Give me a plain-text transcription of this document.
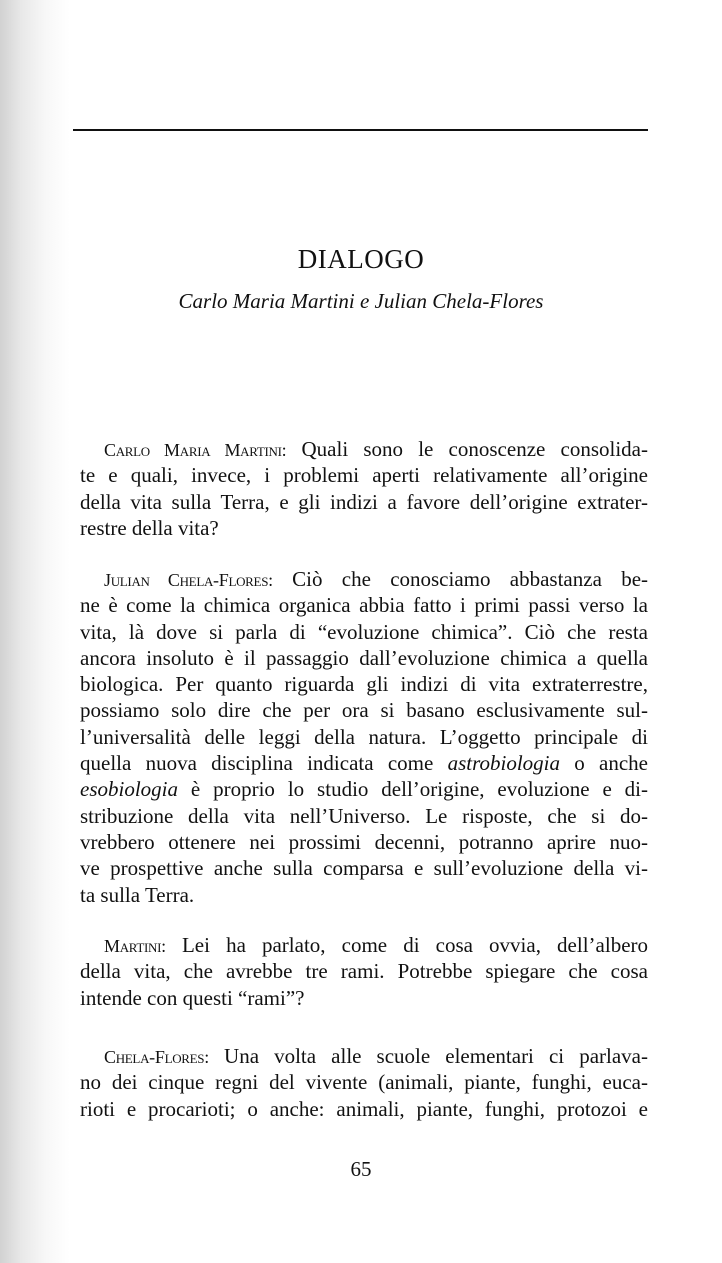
DIALOGO
Carlo Maria Martini e Julian Chela-Flores
Carlo Maria Martini: Quali sono le conoscenze consolida-
te e quali, invece, i problemi aperti relativamente all’origine
della vita sulla Terra, e gli indizi a favore dell’origine extrater-
restre della vita?
Julian Chela-Flores: Ciò che conosciamo abbastanza be-
ne è come la chimica organica abbia fatto i primi passi verso la
vita, là dove si parla di “evoluzione chimica”. Ciò che resta
ancora insoluto è il passaggio dall’evoluzione chimica a quella
biologica. Per quanto riguarda gli indizi di vita extraterrestre,
possiamo solo dire che per ora si basano esclusivamente sul-
l’universalità delle leggi della natura. L’oggetto principale di
quella nuova disciplina indicata come astrobiologia o anche
esobiologia è proprio lo studio dell’origine, evoluzione e di-
stribuzione della vita nell’Universo. Le risposte, che si do-
vrebbero ottenere nei prossimi decenni, potranno aprire nuo-
ve prospettive anche sulla comparsa e sull’evoluzione della vi-
ta sulla Terra.
Martini: Lei ha parlato, come di cosa ovvia, dell’albero
della vita, che avrebbe tre rami. Potrebbe spiegare che cosa
intende con questi “rami”?
Chela-Flores: Una volta alle scuole elementari ci parlava-
no dei cinque regni del vivente (animali, piante, funghi, euca-
rioti e procarioti; o anche: animali, piante, funghi, protozoi e
65
